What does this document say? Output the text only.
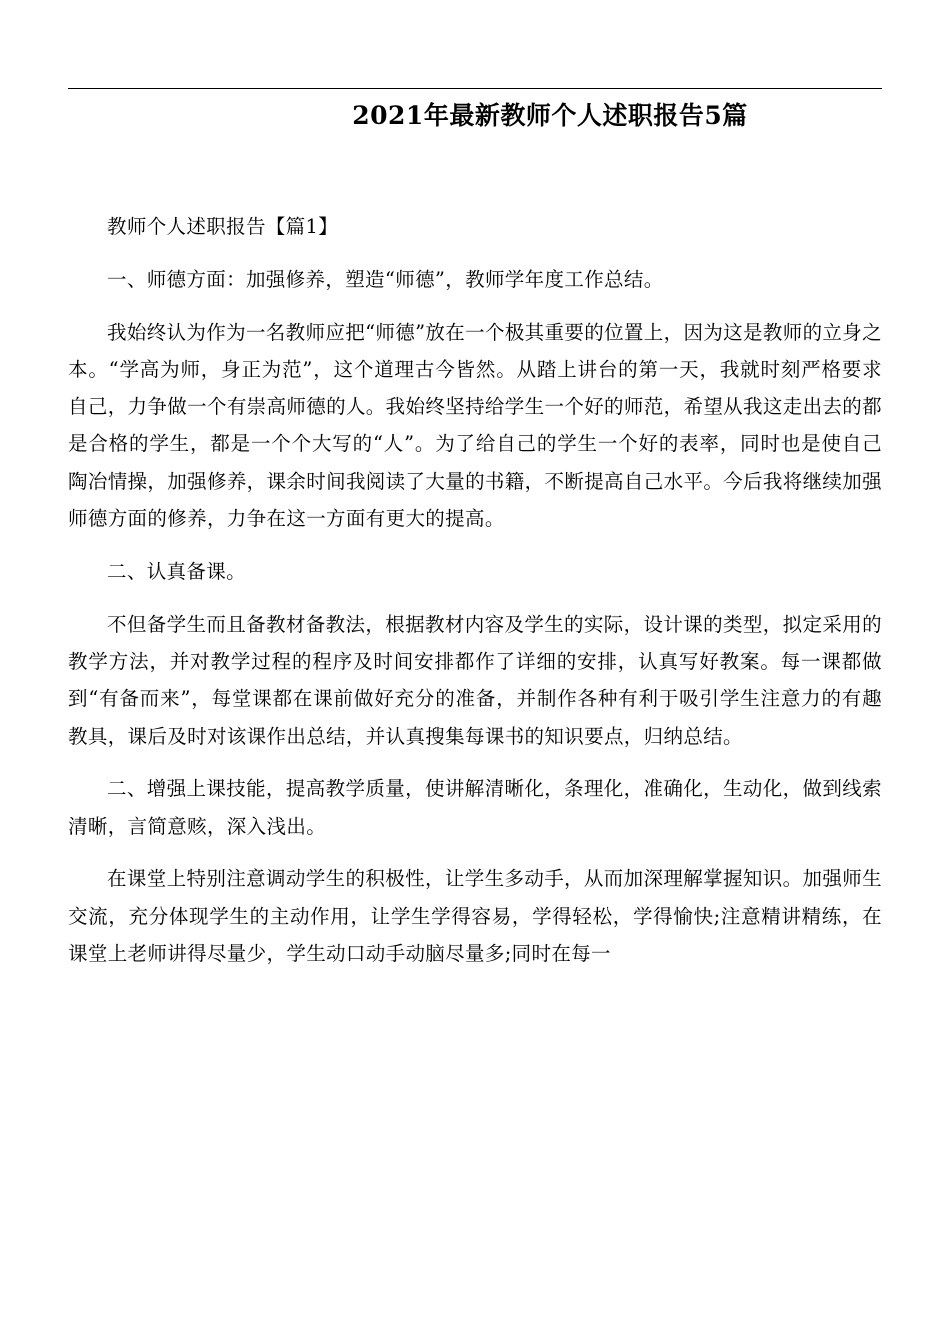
2021年最新教师个人述职报告5篇

教师个人述职报告【篇1】

一、师德方面：加强修养，塑造“师德”，教师学年度工作总结。

我始终认为作为一名教师应把“师德”放在一个极其重要的位置上，因为这是教师的立身之本。“学高为师，身正为范”，这个道理古今皆然。从踏上讲台的第一天，我就时刻严格要求自己，力争做一个有崇高师德的人。我始终坚持给学生一个好的师范，希望从我这走出去的都是合格的学生，都是一个个大写的“人”。为了给自己的学生一个好的表率，同时也是使自己陶冶情操，加强修养，课余时间我阅读了大量的书籍，不断提高自己水平。今后我将继续加强师德方面的修养，力争在这一方面有更大的提高。

二、认真备课。

不但备学生而且备教材备教法，根据教材内容及学生的实际，设计课的类型，拟定采用的教学方法，并对教学过程的程序及时间安排都作了详细的安排，认真写好教案。每一课都做到“有备而来”，每堂课都在课前做好充分的准备，并制作各种有利于吸引学生注意力的有趣教具，课后及时对该课作出总结，并认真搜集每课书的知识要点，归纳总结。

二、增强上课技能，提高教学质量，使讲解清晰化，条理化，准确化，生动化，做到线索清晰，言简意赅，深入浅出。

在课堂上特别注意调动学生的积极性，让学生多动手，从而加深理解掌握知识。加强师生交流，充分体现学生的主动作用，让学生学得容易，学得轻松，学得愉快;注意精讲精练，在课堂上老师讲得尽量少，学生动口动手动脑尽量多;同时在每一
